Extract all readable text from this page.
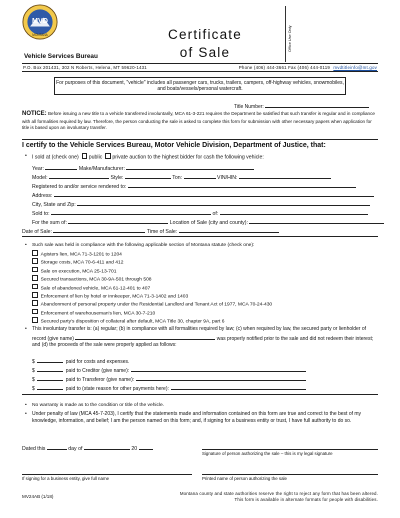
MVD
MONTANA
Vehicle Services Bureau
Certificate
of Sale
Office Use Only
P.O. Box 201431, 302 N Roberts, Helena, MT 59620-1431	Phone (406) 444-3661 Fax (406) 444-0119 mvdtitleinfo@mt.gov
For purposes of this document, "vehicle" includes all passenger cars, trucks, trailers, campers, off-highway vehicles, snowmobiles, and boats/vessels/personal watercraft.
Title Number:
NOTICE: Before issuing a new title to a vehicle transferred involuntarily, MCA 61-3-221 requires the Department be satisfied that such transfer is regular and in compliance with all formalities required by law. Therefore, the person conducting the sale is asked to complete this form for submission with other necessary papers when application for title is based upon an involuntary transfer.
I certify to the Vehicle Services Bureau, Motor Vehicle Division, Department of Justice, that:
• I sold at (check one) public private auction to the highest bidder for cash the following vehicle:
Year:	Make/Manufacturer:
Model:	Style:	Ton:	VIN/HIN:
Registered to and/or service rendered to:
Address:
City, State and Zip:
Sold to:	of:
For the sum of:	Location of Sale (city and county):
Date of Sale:	Time of Sale:
• Such sale was held in compliance with the following applicable section of Montana statute (check one):
Agisters lien, MCA 71-3-1201 to 1204
Storage costs, MCA 70-6-411 and 412
Sale on execution, MCA 25-13-701
Secured transactions, MCA 30-9A-501 through 508
Sale of abandoned vehicle, MCA 61-12-401 to 407
Enforcement of lien by hotel or innkeeper, MCA 71-3-1402 and 1403
Abandonment of personal property under the Residential Landlord and Tenant Act of 1977, MCA 70-24-430
Enforcement of warehouseman's lien, MCA 30-7-210
Secured party's disposition of collateral after default, MCA Title 30, chapter 9A, part 6
• This involuntary transfer is: (a) regular; (b) in compliance with all formalities required by law; (c) when required by law, the secured party or lienholder of record (give name)	was properly notified prior to the sale and did not redeem their interest; and (d) the proceeds of the sale were properly applied as follows:
$	paid for costs and expenses.
$	paid to Creditor (give name):
$	paid to Transferor (give name):
$	paid to (state reason for other payments here):
• No warranty is made as to the condition or title of the vehicle.
• Under penalty of law (MCA 45-7-203), I certify that the statements made and information contained on this form are true and correct to the best of my knowledge, information, and belief; I am the person named on this form; and, if signing for a business entity or trust, I have full authority to do so.
Dated this	day of	20
Signature of person authorizing the sale – this is my legal signature
If signing for a business entity, give full name	Printed name of person authorizing the sale
MV24AB (1/18)
Montana county and state authorities reserve the right to reject any form that has been altered.
This form is available in alternate formats for people with disabilities.
